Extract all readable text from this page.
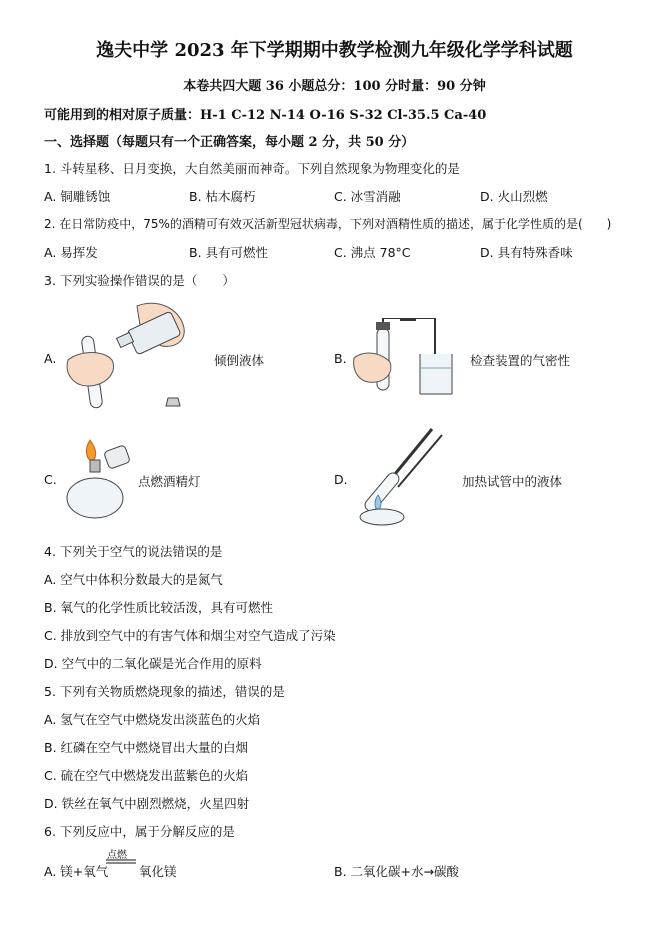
逸夫中学 2023 年下学期期中教学检测九年级化学学科试题
本卷共四大题 36 小题总分：100 分时量：90 分钟
可能用到的相对原子质量：H-1 C-12 N-14 O-16 S-32 Cl-35.5 Ca-40
一、选择题（每题只有一个正确答案，每小题 2 分，共 50 分）
1. 斗转星移、日月变换，大自然美丽而神奇。下列自然现象为物理变化的是
A. 铜雕锈蚀	B. 枯木腐朽	C. 冰雪消融	D. 火山烈燃
2. 在日常防疫中，75%的酒精可有效灭活新型冠状病毒，下列对酒精性质的描述，属于化学性质的是(　　)
A. 易挥发	B. 具有可燃性	C. 沸点 78°C	D. 具有特殊香味
3. 下列实验操作错误的是（　　）
A.	倾倒液体	B.	检查装置的气密性
C.	点燃酒精灯	D.	加热试管中的液体
4. 下列关于空气的说法错误的是
A. 空气中体积分数最大的是氮气
B. 氧气的化学性质比较活泼，具有可燃性
C. 排放到空气中的有害气体和烟尘对空气造成了污染
D. 空气中的二氧化碳是光合作用的原料
5. 下列有关物质燃烧现象的描述，错误的是
A. 氢气在空气中燃烧发出淡蓝色的火焰
B. 红磷在空气中燃烧冒出大量的白烟
C. 硫在空气中燃烧发出蓝紫色的火焰
D. 铁丝在氧气中剧烈燃烧，火星四射
6. 下列反应中，属于分解反应的是
A. 镁+氧气
点燃
氧化镁	B. 二氧化碳+水→碳酸
